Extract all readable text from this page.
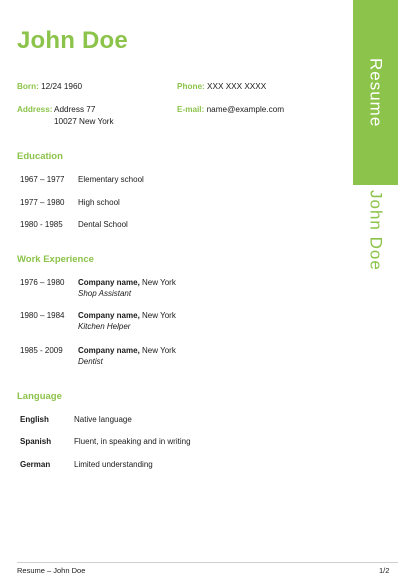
John Doe
Resume
John Doe
Born: 12/24 1960	Phone: XXX XXX XXXX
Address: Address 77
10027 New York
E-mail: name@example.com
Education
1967 – 1977 Elementary school
1977 – 1980 High school
1980 - 1985 Dental School
Work Experience
1976 – 1980 Company name, New York
Shop Assistant
1980 – 1984 Company name, New York
Kitchen Helper
1985 - 2009 Company name, New York
Dentist
Language
English	Native language
Spanish	Fluent, in speaking and in writing
German	Limited understanding
Resume – John Doe	1/2
